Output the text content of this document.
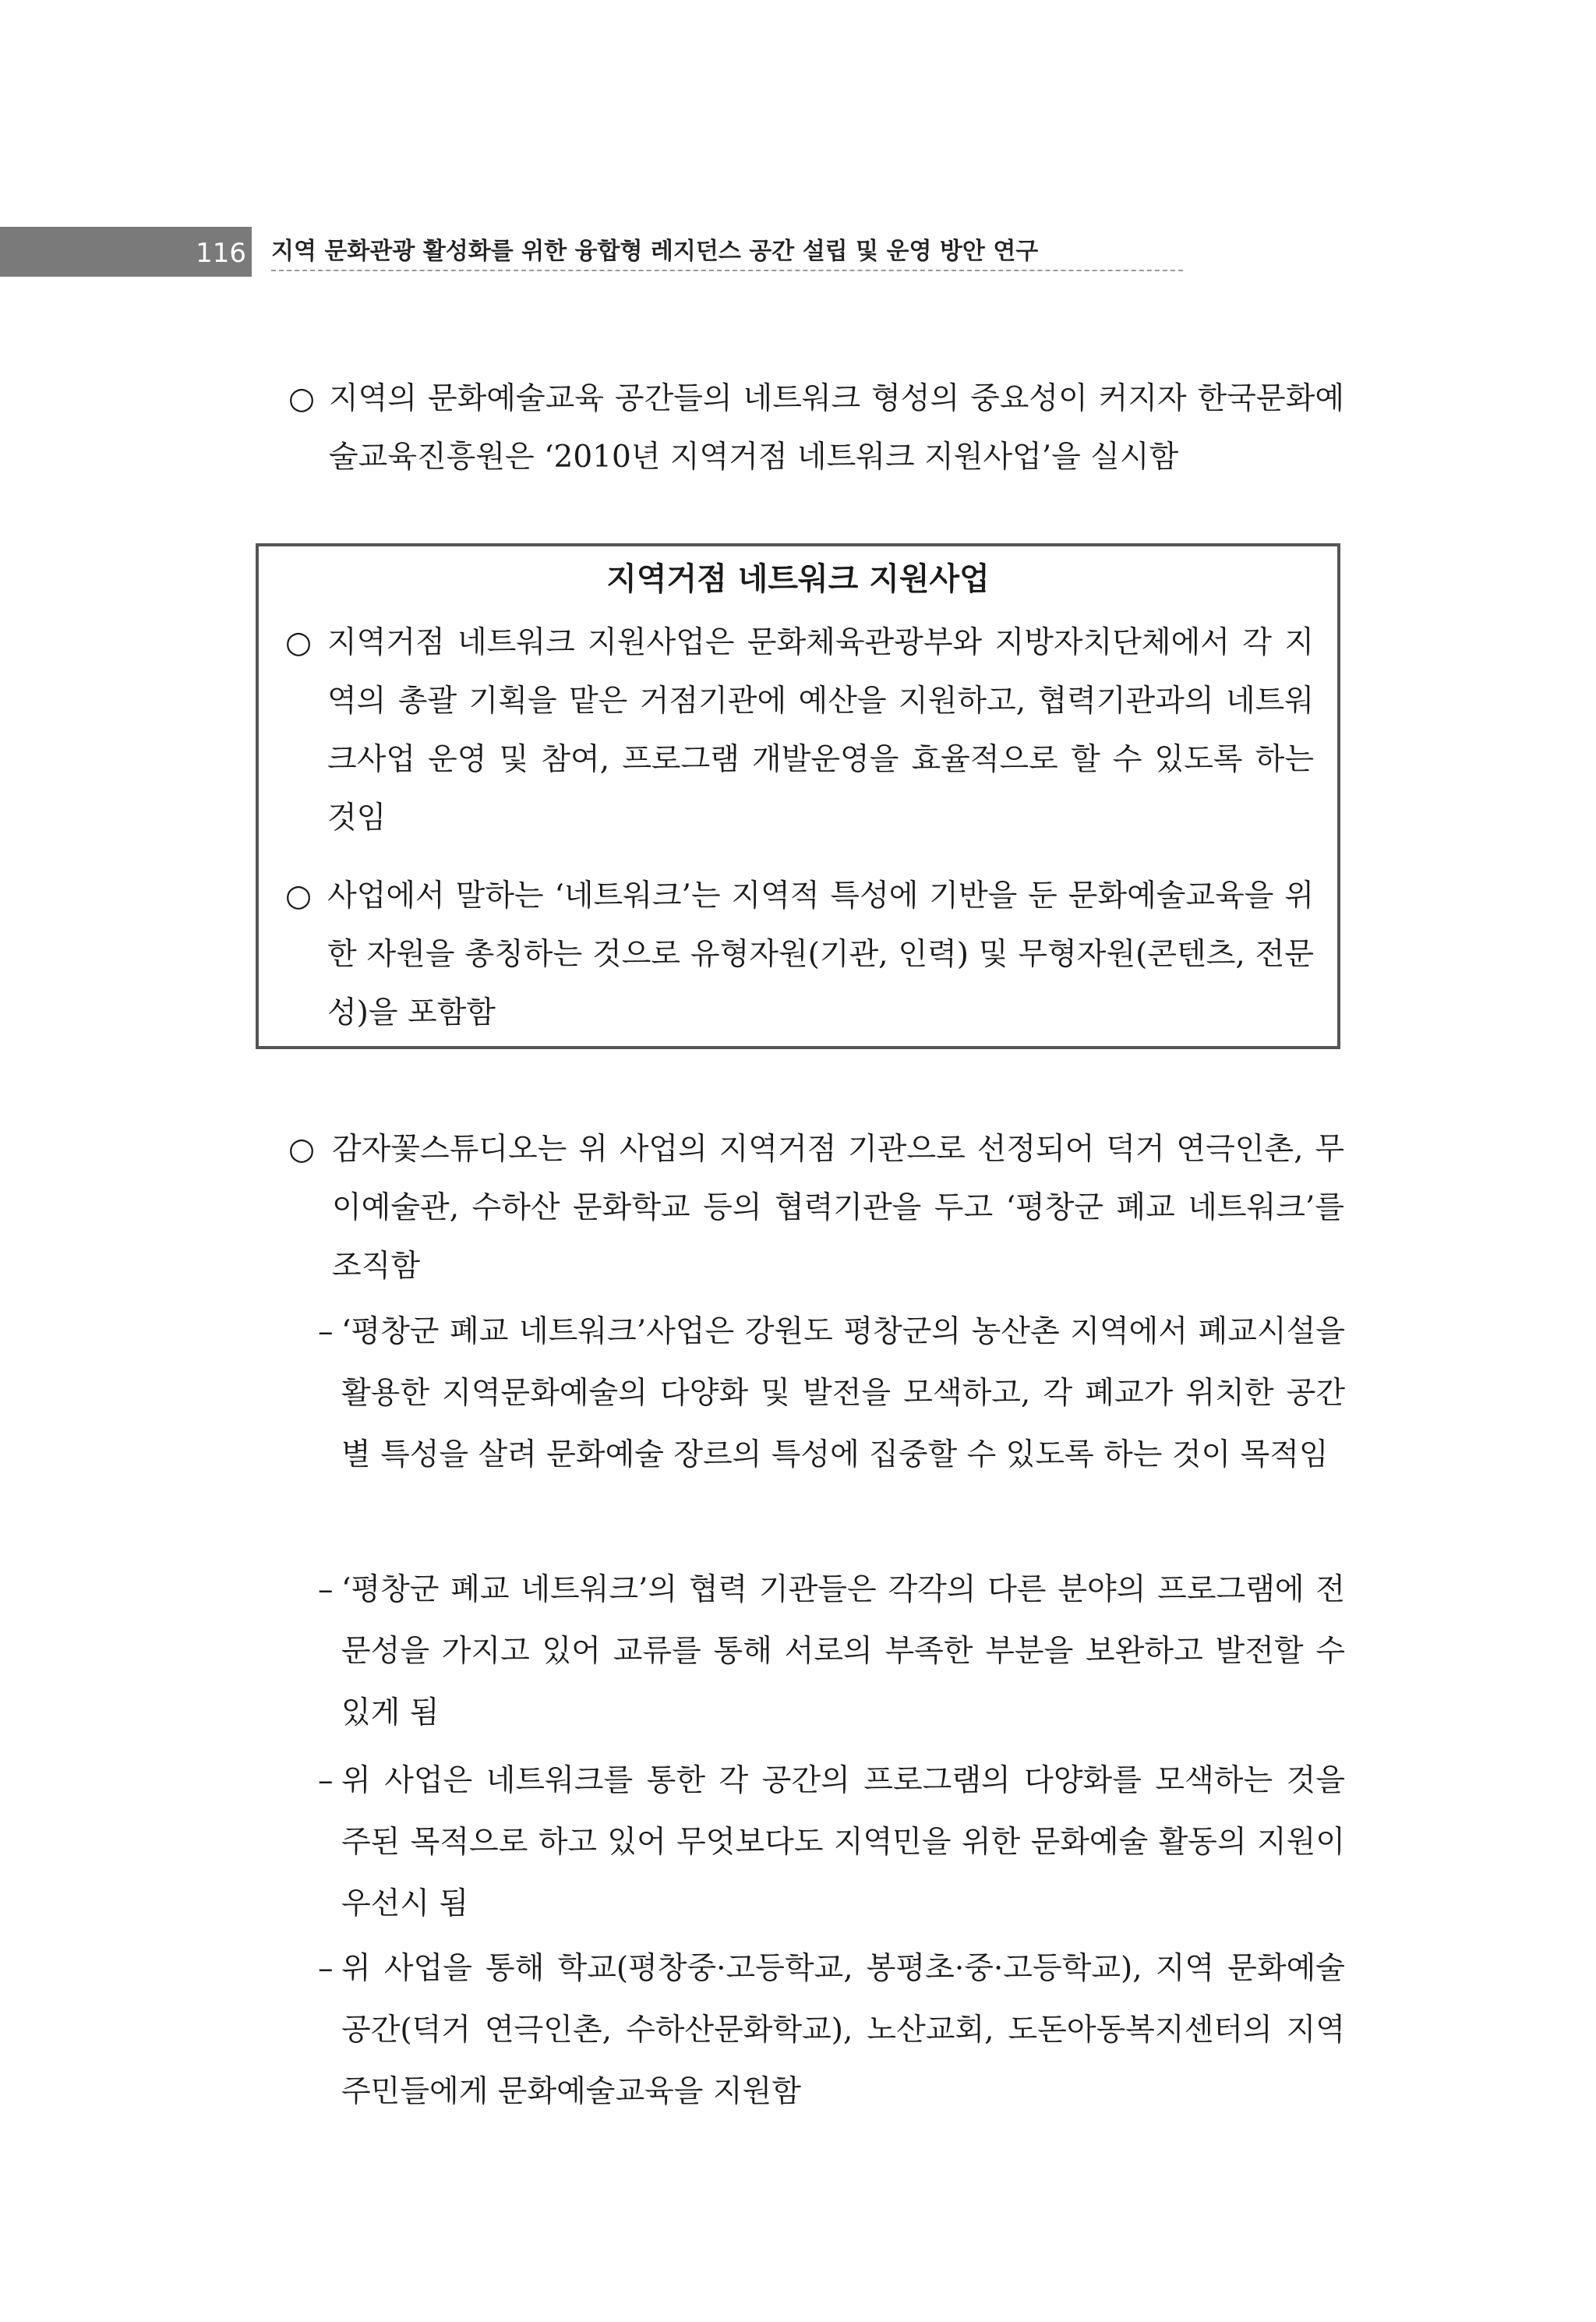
116 지역 문화관광 활성화를 위한 융합형 레지던스 공간 설립 및 운영 방안 연구
○ 지역의 문화예술교육 공간들의 네트워크 형성의 중요성이 커지자 한국문화예술교육진흥원은 ‘2010년 지역거점 네트워크 지원사업’을 실시함
지역거점 네트워크 지원사업
○ 지역거점 네트워크 지원사업은 문화체육관광부와 지방자치단체에서 각 지역의 총괄 기획을 맡은 거점기관에 예산을 지원하고, 협력기관과의 네트워크사업 운영 및 참여, 프로그램 개발운영을 효율적으로 할 수 있도록 하는 것임
○ 사업에서 말하는 ‘네트워크’는 지역적 특성에 기반을 둔 문화예술교육을 위한 자원을 총칭하는 것으로 유형자원(기관, 인력) 및 무형자원(콘텐츠, 전문성)을 포함함
○ 감자꽃스튜디오는 위 사업의 지역거점 기관으로 선정되어 덕거 연극인촌, 무이예술관, 수하산 문화학교 등의 협력기관을 두고 ‘평창군 폐교 네트워크’를 조직함
– ‘평창군 폐교 네트워크’사업은 강원도 평창군의 농산촌 지역에서 폐교시설을 활용한 지역문화예술의 다양화 및 발전을 모색하고, 각 폐교가 위치한 공간별 특성을 살려 문화예술 장르의 특성에 집중할 수 있도록 하는 것이 목적임
– ‘평창군 폐교 네트워크’의 협력 기관들은 각각의 다른 분야의 프로그램에 전문성을 가지고 있어 교류를 통해 서로의 부족한 부분을 보완하고 발전할 수 있게 됨
– 위 사업은 네트워크를 통한 각 공간의 프로그램의 다양화를 모색하는 것을 주된 목적으로 하고 있어 무엇보다도 지역민을 위한 문화예술 활동의 지원이 우선시 됨
– 위 사업을 통해 학교(평창중·고등학교, 봉평초·중·고등학교), 지역 문화예술공간(덕거 연극인촌, 수하산문화학교), 노산교회, 도돈아동복지센터의 지역주민들에게 문화예술교육을 지원함
